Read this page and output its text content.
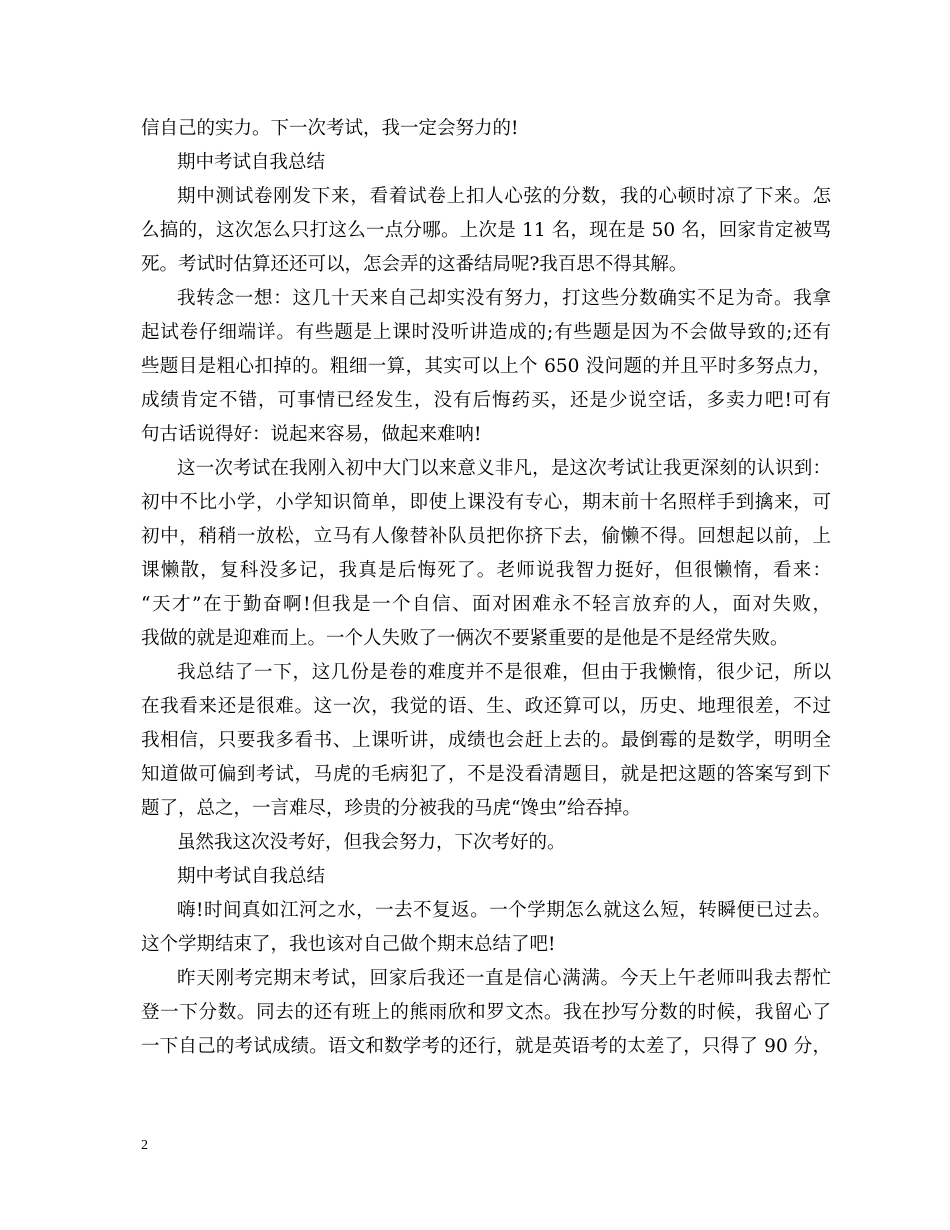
信自己的实力。下一次考试，我一定会努力的!
期中考试自我总结
期中测试卷刚发下来，看着试卷上扣人心弦的分数，我的心顿时凉了下来。怎
么搞的，这次怎么只打这么一点分哪。上次是 11 名，现在是 50 名，回家肯定被骂
死。考试时估算还还可以，怎会弄的这番结局呢?我百思不得其解。
我转念一想：这几十天来自己却实没有努力，打这些分数确实不足为奇。我拿
起试卷仔细端详。有些题是上课时没听讲造成的;有些题是因为不会做导致的;还有
些题目是粗心扣掉的。粗细一算，其实可以上个 650 没问题的并且平时多努点力，
成绩肯定不错，可事情已经发生，没有后悔药买，还是少说空话，多卖力吧!可有
句古话说得好：说起来容易，做起来难呐!
这一次考试在我刚入初中大门以来意义非凡，是这次考试让我更深刻的认识到：
初中不比小学，小学知识简单，即使上课没有专心，期末前十名照样手到擒来，可
初中，稍稍一放松，立马有人像替补队员把你挤下去，偷懒不得。回想起以前，上
课懒散，复科没多记，我真是后悔死了。老师说我智力挺好，但很懒惰，看来：
“天才”在于勤奋啊!但我是一个自信、面对困难永不轻言放弃的人，面对失败，
我做的就是迎难而上。一个人失败了一俩次不要紧重要的是他是不是经常失败。
我总结了一下，这几份是卷的难度并不是很难，但由于我懒惰，很少记，所以
在我看来还是很难。这一次，我觉的语、生、政还算可以，历史、地理很差，不过
我相信，只要我多看书、上课听讲，成绩也会赶上去的。最倒霉的是数学，明明全
知道做可偏到考试，马虎的毛病犯了，不是没看清题目，就是把这题的答案写到下
题了，总之，一言难尽，珍贵的分被我的马虎“馋虫”给吞掉。
虽然我这次没考好，但我会努力，下次考好的。
期中考试自我总结
嗨!时间真如江河之水，一去不复返。一个学期怎么就这么短，转瞬便已过去。
这个学期结束了，我也该对自己做个期末总结了吧!
昨天刚考完期末考试，回家后我还一直是信心满满。今天上午老师叫我去帮忙
登一下分数。同去的还有班上的熊雨欣和罗文杰。我在抄写分数的时候，我留心了
一下自己的考试成绩。语文和数学考的还行，就是英语考的太差了，只得了 90 分，
2
